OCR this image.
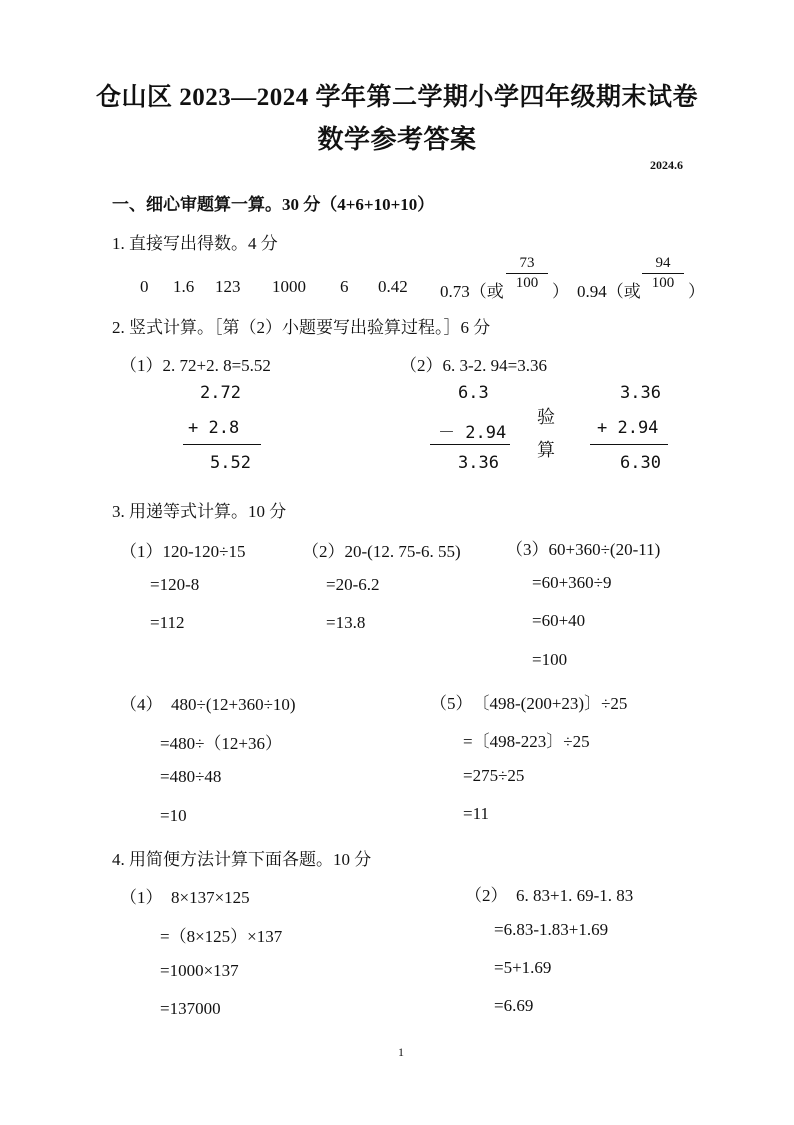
仓山区 2023—2024 学年第二学期小学四年级期末试卷
数学参考答案
2024.6
一、细心审题算一算。30 分（4+6+10+10）
1. 直接写出得数。4 分
0 1.6 123 1000 6 0.42 0.73（或
73
100 ） 0.94（或
94
100 ）
2. 竖式计算。［第（2）小题要写出验算过程。］6 分
（1）2. 72+2. 8=5.52
2.72
+ 2.8
5.52
（2）6. 3-2. 94=3.36
6.3
－ 2.94
3.36
验
算
3.36
+ 2.94
6.30
3. 用递等式计算。10 分
（1）120-120÷15
=120-8
=112
（2）20-(12. 75-6. 55)
=20-6.2
=13.8
（3）60+360÷(20-11)
=60+360÷9
=60+40
=100
（4）　480÷(12+360÷10)
=480÷（12+36）
=480÷48
=10
（5）　〔498-(200+23)〕÷25
=〔498-223〕÷25
=275÷25
=11
4. 用简便方法计算下面各题。10 分
（1）　8×137×125
=（8×125）×137
=1000×137
=137000
（2）　6. 83+1. 69-1. 83
=6.83-1.83+1.69
=5+1.69
=6.69
1
